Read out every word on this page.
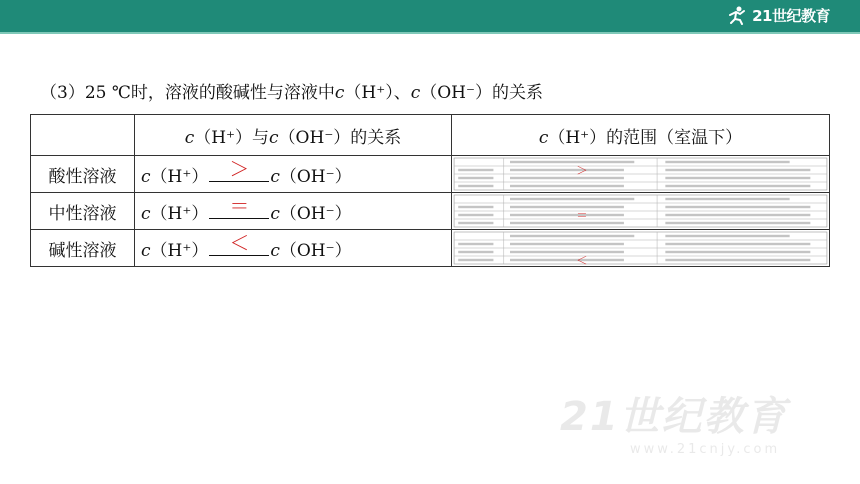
21世纪教育
（3）25 ℃时，溶液的酸碱性与溶液中c（H⁺）、c（OH⁻）的关系
	c（H⁺）与c（OH⁻）的关系	c（H⁺）的范围（室温下）
酸性溶液	c（H⁺） ＞ c（OH⁻）	＞

中性溶液	c（H⁺） ＝ c（OH⁻）	＝

碱性溶液	c（H⁺） ＜ c（OH⁻）	＜
21世纪教育
www.21cnjy.com
